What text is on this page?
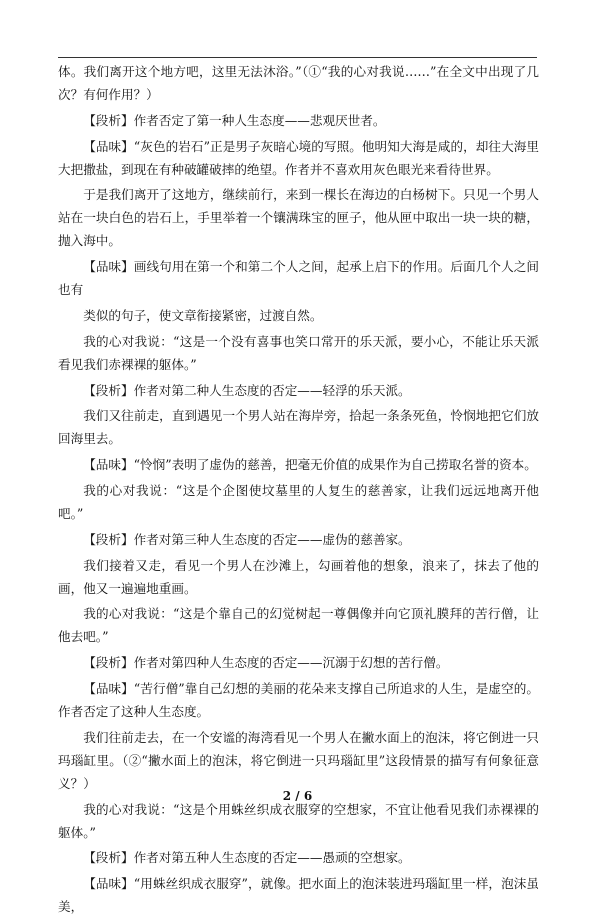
体。我们离开这个地方吧，这里无法沐浴。”（①“我的心对我说……”在全文中出现了几次？有何作用？）

【段析】作者否定了第一种人生态度——悲观厌世者。

【品味】“灰色的岩石”正是男子灰暗心境的写照。他明知大海是咸的，却往大海里大把撒盐，到现在有种破罐破摔的绝望。作者并不喜欢用灰色眼光来看待世界。

于是我们离开了这地方，继续前行，来到一棵长在海边的白杨树下。只见一个男人站在一块白色的岩石上，手里举着一个镶满珠宝的匣子，他从匣中取出一块一块的糖，抛入海中。

【品味】画线句用在第一个和第二个人之间，起承上启下的作用。后面几个人之间也有

类似的句子，使文章衔接紧密，过渡自然。

我的心对我说：“这是一个没有喜事也笑口常开的乐天派，要小心，不能让乐天派看见我们赤裸裸的躯体。”

【段析】作者对第二种人生态度的否定——轻浮的乐天派。

我们又往前走，直到遇见一个男人站在海岸旁，拾起一条条死鱼，怜悯地把它们放回海里去。

【品味】“怜悯”表明了虚伪的慈善，把毫无价值的成果作为自己捞取名誉的资本。

我的心对我说：“这是个企图使坟墓里的人复生的慈善家，让我们远远地离开他吧。”

【段析】作者对第三种人生态度的否定——虚伪的慈善家。

我们接着又走，看见一个男人在沙滩上，勾画着他的想象，浪来了，抹去了他的画，他又一遍遍地重画。

我的心对我说：“这是个靠自己的幻觉树起一尊偶像并向它顶礼膜拜的苦行僧，让他去吧。”

【段析】作者对第四种人生态度的否定——沉溺于幻想的苦行僧。

【品味】“苦行僧”靠自己幻想的美丽的花朵来支撑自己所追求的人生，是虚空的。作者否定了这种人生态度。

我们往前走去，在一个安谧的海湾看见一个男人在撇水面上的泡沫，将它倒进一只玛瑙缸里。（②“撇水面上的泡沫，将它倒进一只玛瑙缸里”这段情景的描写有何象征意义？）

我的心对我说：“这是个用蛛丝织成衣服穿的空想家，不宜让他看见我们赤裸裸的躯体。”

【段析】作者对第五种人生态度的否定——愚顽的空想家。

【品味】“用蛛丝织成衣服穿”，就像。把水面上的泡沫装进玛瑙缸里一样，泡沫虽美，

2 / 6
